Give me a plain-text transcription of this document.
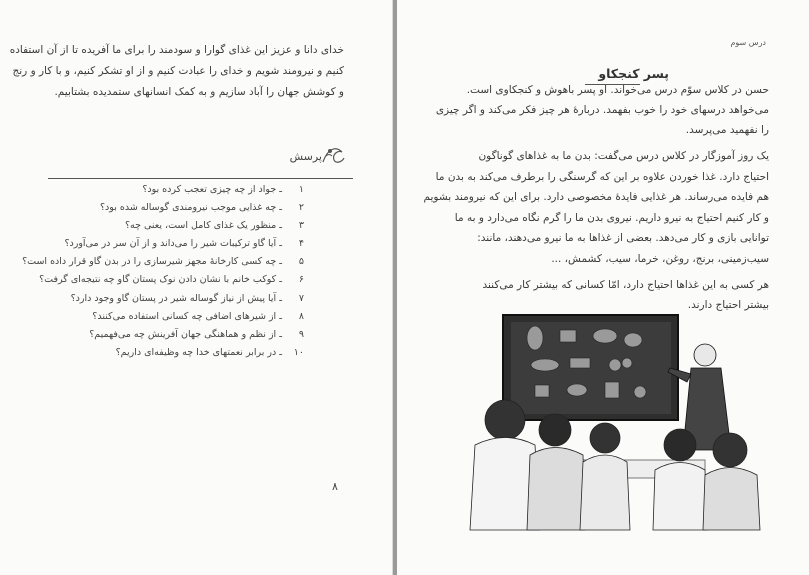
خدای دانا و عزیز این غذای گوارا و سودمند را برای ما آفریده تا از آن استفاده
کنیم و نیرومند شویم و خدای را عبادت کنیم و از او تشکر کنیم، و با کار و رنج
و کوشش جهان را آباد سازیم و به کمک انسانهای ستمدیده بشتابیم.
پرسش
۱ـ جواد از چه چیزی تعجب کرده بود؟
۲ـ چه غذایی موجب نیرومندی گوساله شده بود؟
۳ـ منظور یک غذای کامل است، یعنی چه؟
۴ـ آیا گاو ترکیبات شیر را می‌داند و از آن سر در می‌آورد؟
۵ـ چه کسی کارخانهٔ مجهز شیرسازی را در بدن گاو قرار داده است؟
۶ـ کوکب خانم با نشان دادن نوک پستان گاو چه نتیجه‌ای گرفت؟
۷ـ آیا پیش از نیاز گوساله شیر در پستان گاو وجود دارد؟
۸ـ از شیرهای اضافی چه کسانی استفاده می‌کنند؟
۹ـ از نظم و هماهنگی جهان آفرینش چه می‌فهمیم؟
۱۰ـ در برابر نعمتهای خدا چه وظیفه‌ای داریم؟
۸
درس سوم
پسر کنجکاو
حسن در کلاس سوّم درس می‌خواند. او پسر باهوش و کنجکاوی است.
می‌خواهد درسهای خود را خوب بفهمد. دربارهٔ هر چیز فکر می‌کند و اگر چیزی
را نفهمید می‌پرسد.
یک روز آموزگار در کلاس درس می‌گفت: بدن ما به غذاهای گوناگون
احتیاج دارد. غذا خوردن علاوه بر این که گرسنگی را برطرف می‌کند به بدن ما
هم فایده می‌رساند. هر غذایی فایدهٔ مخصوصی دارد. برای این که نیرومند بشویم
و کار کنیم احتیاج به نیرو داریم. نیروی بدن ما را گرم نگاه می‌دارد و به ما
توانایی بازی و کار می‌دهد. بعضی از غذاها به ما نیرو می‌دهند، مانند:
سیب‌زمینی، برنج، روغن، خرما، سیب، کشمش، ...
هر کسی به این غذاها احتیاج دارد، امّا کسانی که بیشتر کار می‌کنند
بیشتر احتیاج دارند.
